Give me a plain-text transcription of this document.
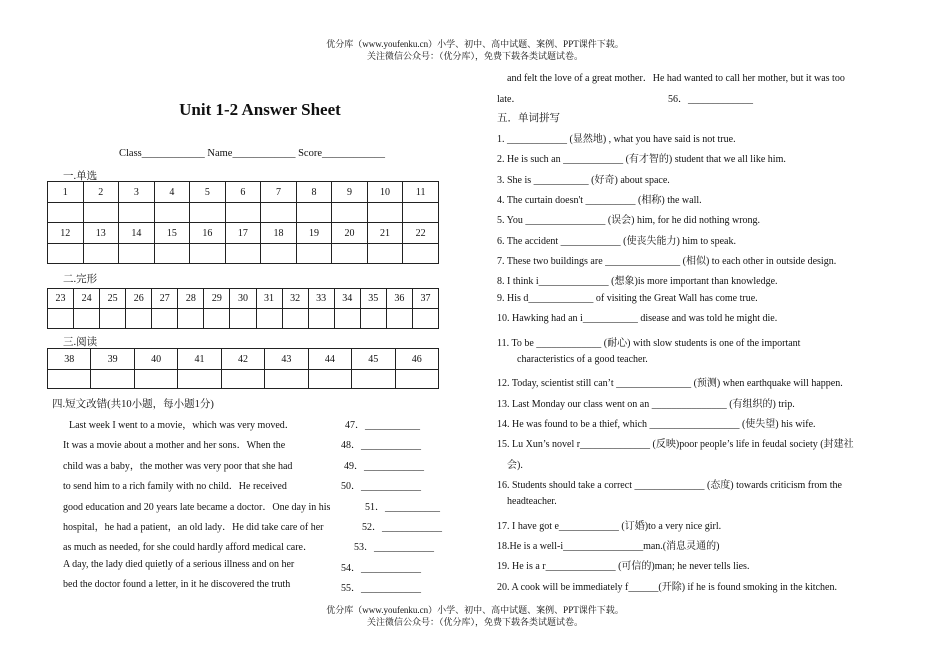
优分库（www.youfenku.cn）小学、初中、高中试题、案例、PPT课件下载。
关注微信公众号：（优分库），免费下载各类试题试卷。
Unit 1-2 Answer Sheet
Class____________ Name____________ Score____________
一.单选
1	2	3	4	5	6	7	8	9	10	11

12	13	14	15	16	17	18	19	20	21	22

二.完形
23	24	25	26	27	28	29	30	31	32	33	34	35	36	37

三.阅读
38	39	40	41	42	43	44	45	46

四.短文改错(共10小题，每小题1分)
Last week I went to a movie，which was very moved．	47．___________
It was a movie about a mother and her sons．When the	48．____________
child was a baby，the mother was very poor that she had	49．____________
to send him to a rich family with no child．He received	50．____________
good education and 20 years late became a doctor．One day in his	51．___________
hospital，he had a patient，an old lady．He did take care of her	52．____________
as much as needed, for she could hardly afford medical care．	53．____________
A day, the lady died quietly of a serious illness and on her	54．____________
bed the doctor found a letter, in it he discovered the truth	55．____________
and felt the love of a great mother．He had wanted to call her mother, but it was too
late．	56．_____________
五．单词拼写
1. ____________ (显然地) , what you have said is not true.
2. He is such an ____________ (有才智的) student that we all like him.
3. She is ___________ (好奇) about space.
4. The curtain doesn't __________ (相称) the wall.
5. You ________________ (误会) him, for he did nothing wrong.
6. The accident ____________ (使丧失能力) him to speak.
7. These two buildings are _______________ (相似) to each other in outside design.
8. I think i______________ (想象)is more important than knowledge.
9. His d_____________ of visiting the Great Wall has come true.
10. Hawking had an i___________ disease and was told he might die.
11. To be _____________ (耐心) with slow students is one of the important
characteristics of a good teacher.
12. Today, scientist still can’t _______________ (预测) when earthquake will happen.
13. Last Monday our class went on an _______________ (有组织的) trip.
14. He was found to be a thief, which __________________ (使失望) his wife.
15. Lu Xun’s novel r______________ (反映)poor people’s life in feudal society (封建社
会).
16. Students should take a correct ______________ (态度) towards criticism from the
headteacher.
17. I have got e____________ (订婚)to a very nice girl.
18.He is a well-i________________man.(消息灵通的)
19. He is a r______________ (可信的)man; he never tells lies.
20. A cook will be immediately f______(开除) if he is found smoking in the kitchen.
优分库（www.youfenku.cn）小学、初中、高中试题、案例、PPT课件下载。
关注微信公众号：（优分库），免费下载各类试题试卷。
